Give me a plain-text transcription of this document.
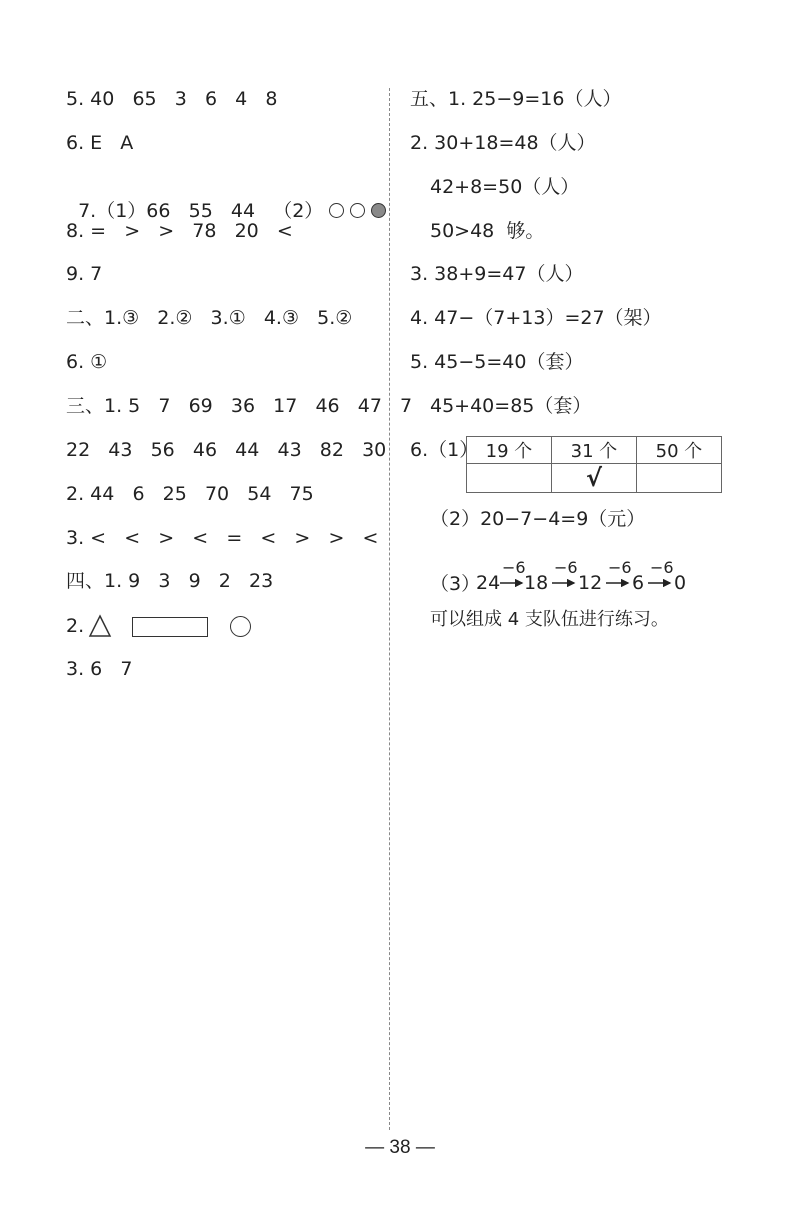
5. 40   65   3   6   4   8
6. E   A

7.（1）66   55   44   （2）

8. =   >   >   78   20   <
9. 7
二、1.③   2.②   3.①   4.③   5.②
6. ①
三、1. 5   7   69   36   17   46   47   7
22   43   56   46   44   43   82   30
2. 44   6   25   70   54   75
3. <   <   >   <   =   <   >   >   <
四、1. 9   3   9   2   23
2.
3. 6   7
五、1. 25−9=16（人）
2. 30+18=48（人）
42+8=50（人）
50>48  够。
3. 38+9=47（人）
4. 47−（7+13）=27（架）
5. 45−5=40（套）
45+40=85（套）
6.（1） 19 个	31 个	50 个
	√	
（2）20−7−4=9（元）
（3）
24 18 12 6 0
−6 −6 −6 −6
可以组成 4 支队伍进行练习。
— 38 —
